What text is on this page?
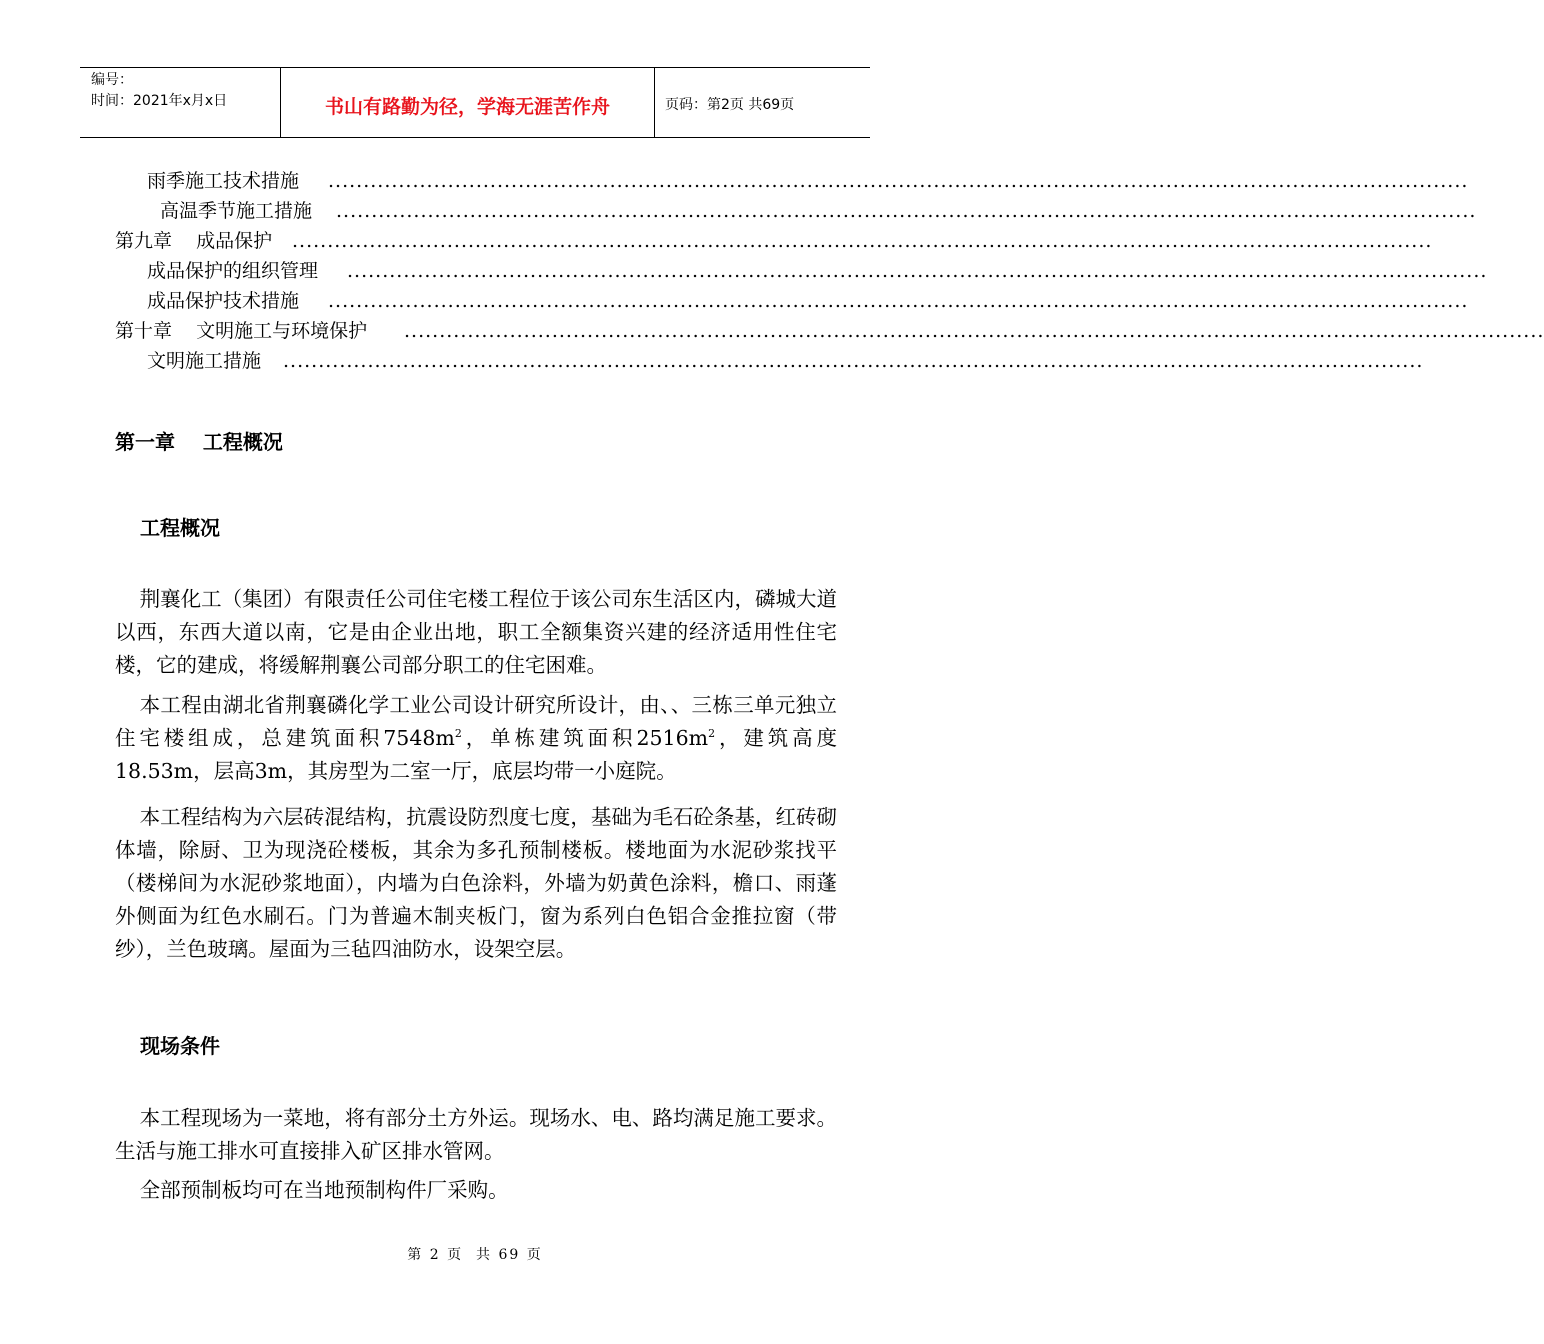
编号：
时间：2021年x月x日	书山有路勤为径，学海无涯苦作舟	页码：第2页 共69页
..................................................................................................................................................................
雨季施工技术措施
..................................................................................................................................................................
高温季节施工措施
..................................................................................................................................................................
第九章    成品保护
..................................................................................................................................................................
成品保护的组织管理
..................................................................................................................................................................
成品保护技术措施
..................................................................................................................................................................
第十章    文明施工与环境保护
..................................................................................................................................................................
文明施工措施
第一章    工程概况
工程概况
荆襄化工（集团）有限责任公司住宅楼工程位于该公司东生活区内，磷城大道以西，东西大道以南，它是由企业出地，职工全额集资兴建的经济适用性住宅楼，它的建成，将缓解荆襄公司部分职工的住宅困难。
本工程由湖北省荆襄磷化学工业公司设计研究所设计，由、、三栋三单元独立住宅楼组成，总建筑面积$7548m^2$，单栋建筑面积$2516m^2$，建筑高度18.53m，层高3m，其房型为二室一厅，底层均带一小庭院。
本工程结构为六层砖混结构，抗震设防烈度七度，基础为毛石砼条基，红砖砌体墙，除厨、卫为现浇砼楼板，其余为多孔预制楼板。楼地面为水泥砂浆找平（楼梯间为水泥砂浆地面），内墙为白色涂料，外墙为奶黄色涂料，檐口、雨蓬外侧面为红色水刷石。门为普遍木制夹板门，窗为系列白色铝合金推拉窗（带纱），兰色玻璃。屋面为三毡四油防水，设架空层。
现场条件
本工程现场为一菜地，将有部分土方外运。现场水、电、路均满足施工要求。生活与施工排水可直接排入矿区排水管网。
全部预制板均可在当地预制构件厂采购。
第 2 页  共 69 页
